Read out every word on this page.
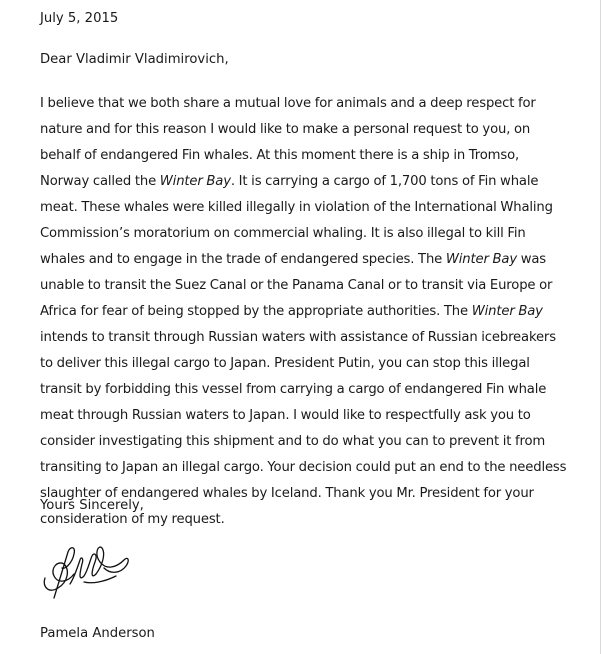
July 5, 2015
Dear Vladimir Vladimirovich,
I believe that we both share a mutual love for animals and a deep respect for nature and for this reason I would like to make a personal request to you, on behalf of endangered Fin whales. At this moment there is a ship in Tromso, Norway called the Winter Bay. It is carrying a cargo of 1,700 tons of Fin whale meat. These whales were killed illegally in violation of the International Whaling Commission’s moratorium on commercial whaling. It is also illegal to kill Fin whales and to engage in the trade of endangered species. The Winter Bay was unable to transit the Suez Canal or the Panama Canal or to transit via Europe or Africa for fear of being stopped by the appropriate authorities. The Winter Bay intends to transit through Russian waters with assistance of Russian icebreakers to deliver this illegal cargo to Japan. President Putin, you can stop this illegal transit by forbidding this vessel from carrying a cargo of endangered Fin whale meat through Russian waters to Japan. I would like to respectfully ask you to consider investigating this shipment and to do what you can to prevent it from transiting to Japan an illegal cargo. Your decision could put an end to the needless slaughter of endangered whales by Iceland. Thank you Mr. President for your consideration of my request.
Yours Sincerely,
Pamela Anderson
